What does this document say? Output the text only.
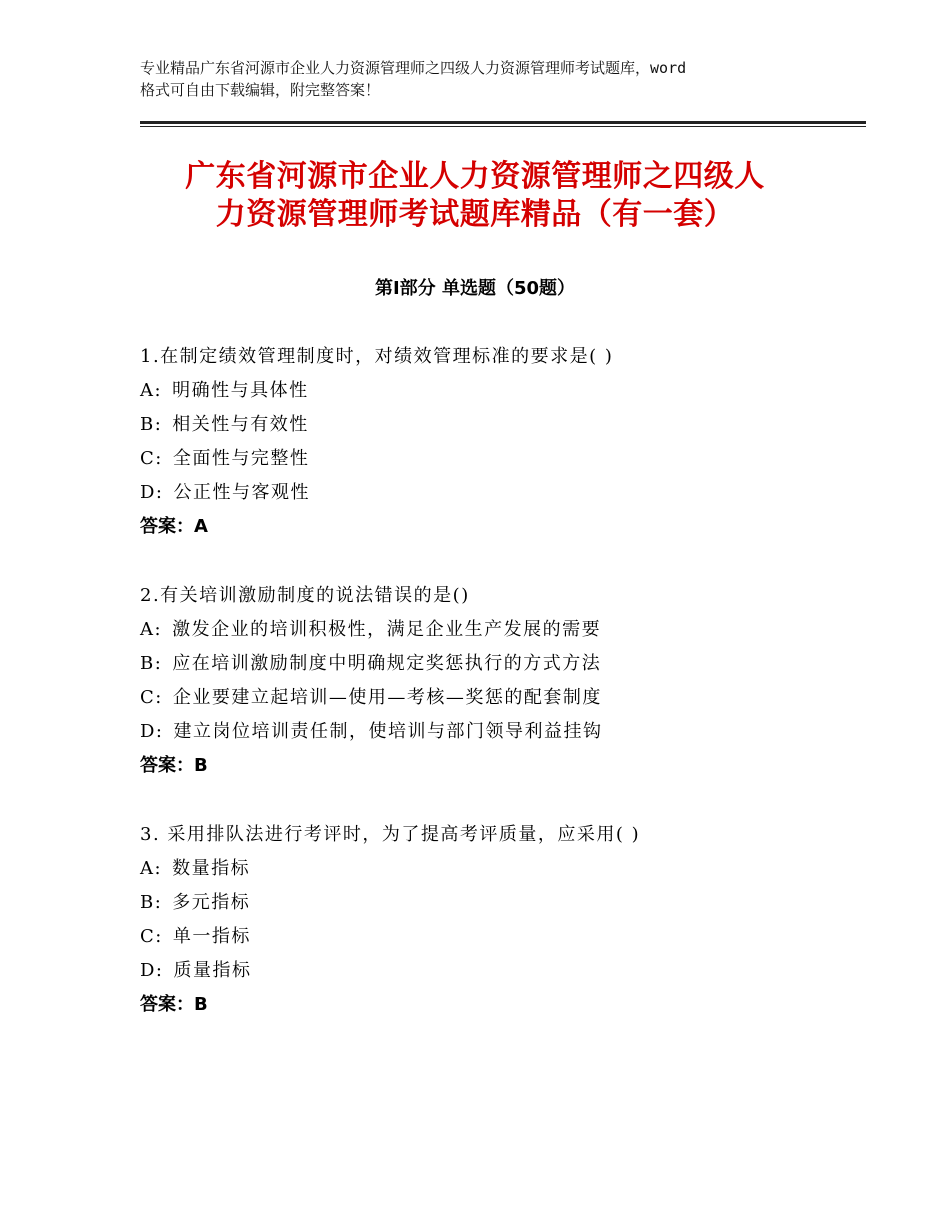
专业精品广东省河源市企业人力资源管理师之四级人力资源管理师考试题库，word
格式可自由下载编辑，附完整答案！
广东省河源市企业人力资源管理师之四级人
力资源管理师考试题库精品（有一套）
第Ⅰ部分 单选题（50题）
1.在制定绩效管理制度时，对绩效管理标准的要求是( )
A: 明确性与具体性
B: 相关性与有效性
C: 全面性与完整性
D: 公正性与客观性
答案：A
2.有关培训激励制度的说法错误的是()
A: 激发企业的培训积极性，满足企业生产发展的需要
B: 应在培训激励制度中明确规定奖惩执行的方式方法
C: 企业要建立起培训—使用—考核—奖惩的配套制度
D: 建立岗位培训责任制，使培训与部门领导利益挂钩
答案：B
3. 采用排队法进行考评时，为了提高考评质量，应采用( )
A: 数量指标
B: 多元指标
C: 单一指标
D: 质量指标
答案：B
